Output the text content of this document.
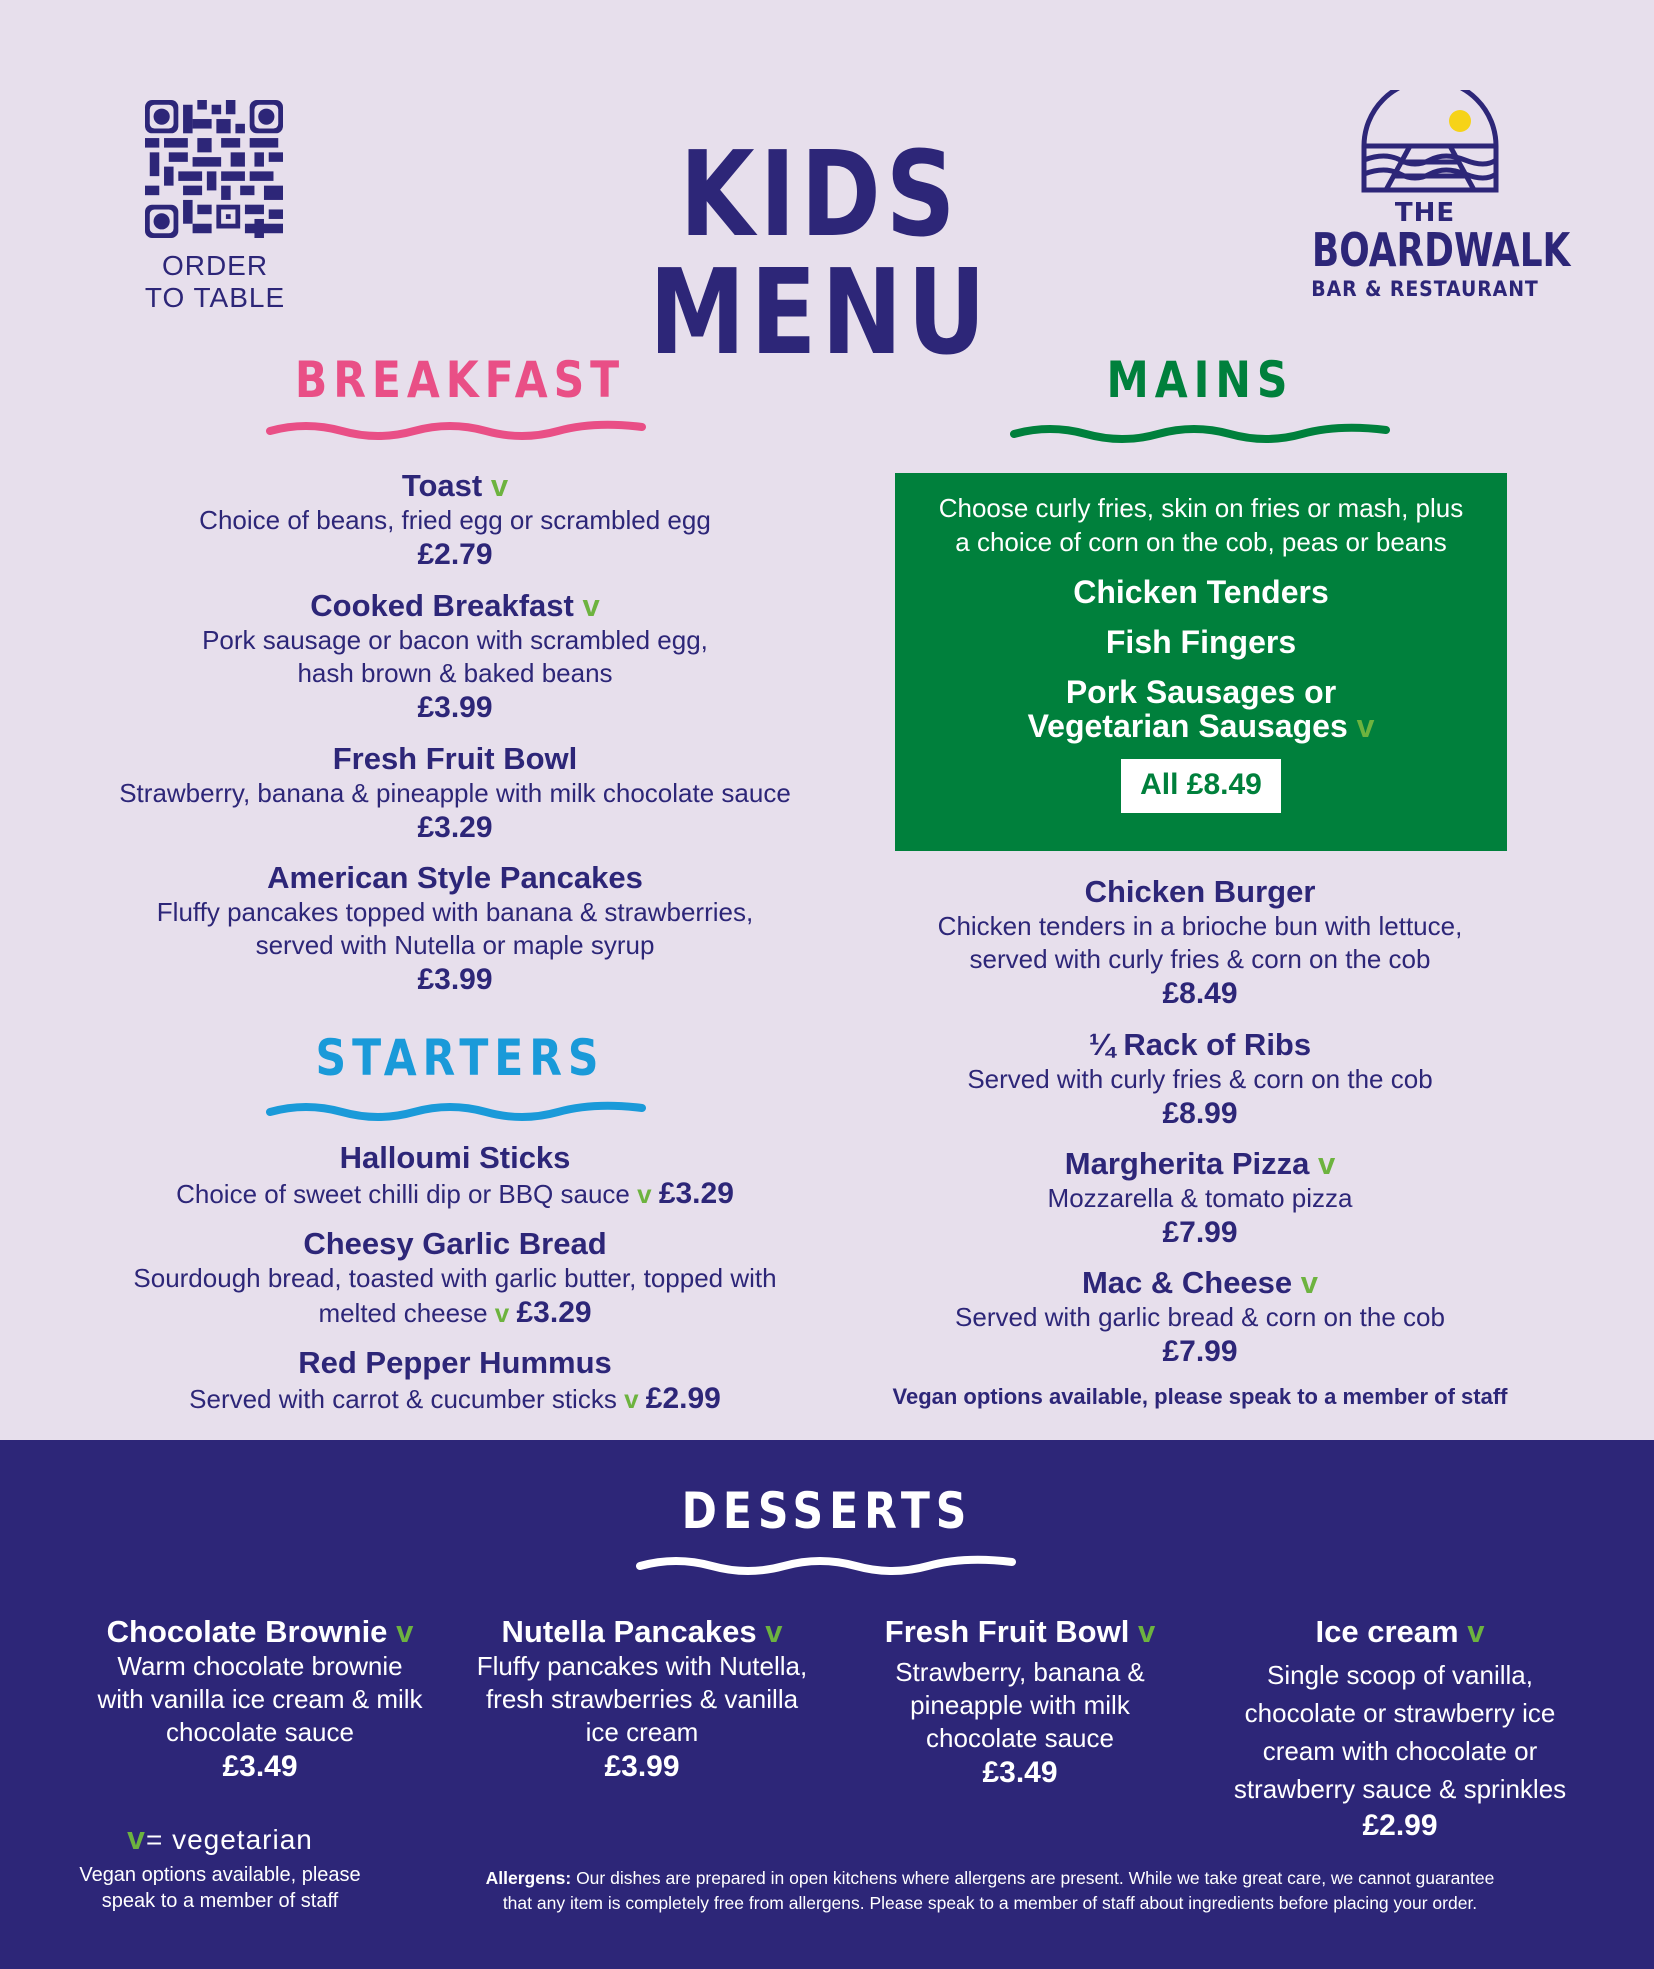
ORDER
TO TABLE
KIDS MENU
THE
BOARDWALK
BAR & RESTAURANT
BREAKFAST
Toast v
Choice of beans, fried egg or scrambled egg
£2.79
Cooked Breakfast v
Pork sausage or bacon with scrambled egg,
hash brown & baked beans
£3.99
Fresh Fruit Bowl
Strawberry, banana & pineapple with milk chocolate sauce
£3.29
American Style Pancakes
Fluffy pancakes topped with banana & strawberries,
served with Nutella or maple syrup
£3.99
STARTERS
Halloumi Sticks
Choice of sweet chilli dip or BBQ sauce v £3.29
Cheesy Garlic Bread
Sourdough bread, toasted with garlic butter, topped with
melted cheese v £3.29
Red Pepper Hummus
Served with carrot & cucumber sticks v £2.99
MAINS
Choose curly fries, skin on fries or mash, plus
a choice of corn on the cob, peas or beans
Chicken Tenders
Fish Fingers
Pork Sausages or
Vegetarian Sausages v
All £8.49
Chicken Burger
Chicken tenders in a brioche bun with lettuce,
served with curly fries & corn on the cob
£8.49
¼ Rack of Ribs
Served with curly fries & corn on the cob
£8.99
Margherita Pizza v
Mozzarella & tomato pizza
£7.99
Mac & Cheese v
Served with garlic bread & corn on the cob
£7.99
Vegan options available, please speak to a member of staff
DESSERTS
Chocolate Brownie v
Warm chocolate brownie
with vanilla ice cream & milk
chocolate sauce
£3.49
Nutella Pancakes v
Fluffy pancakes with Nutella,
fresh strawberries & vanilla
ice cream
£3.99
Fresh Fruit Bowl v
Strawberry, banana &
pineapple with milk
chocolate sauce
£3.49
Ice cream v
Single scoop of vanilla,
chocolate or strawberry ice
cream with chocolate or
strawberry sauce & sprinkles
£2.99
v= vegetarian
Vegan options available, please
speak to a member of staff
Allergens: Our dishes are prepared in open kitchens where allergens are present. While we take great care, we cannot guarantee
that any item is completely free from allergens. Please speak to a member of staff about ingredients before placing your order.
